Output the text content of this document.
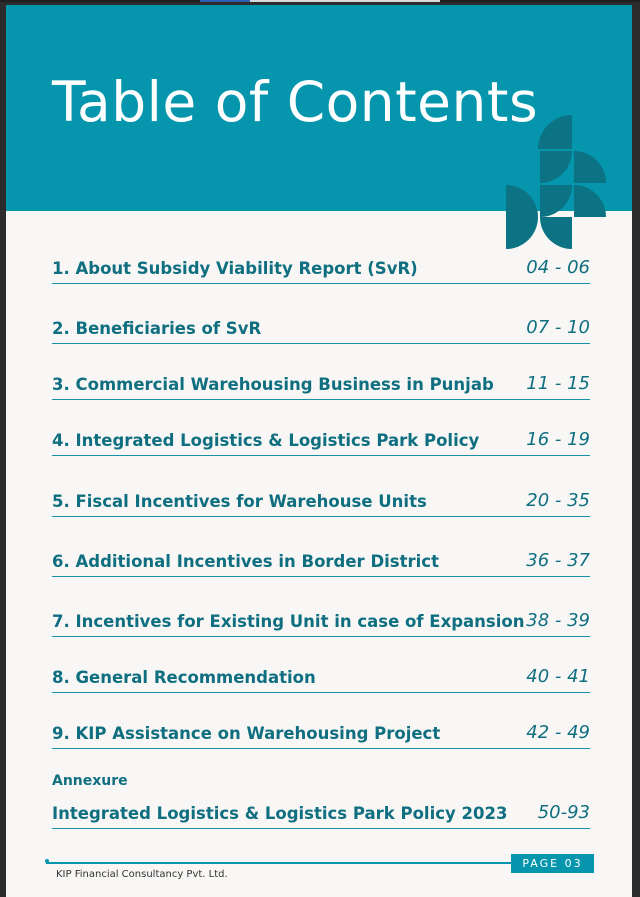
Table of Contents
1. About Subsidy Viability Report (SvR)	04 - 06
2. Beneficiaries of SvR	07 - 10
3. Commercial Warehousing Business in Punjab 11 - 15
4. Integrated Logistics & Logistics Park Policy	16 - 19
5. Fiscal Incentives for Warehouse Units	20 - 35
6. Additional Incentives in Border District	36 - 37
7. Incentives for Existing Unit in case of Expansion 38 - 39
8. General Recommendation	40 - 41
9. KIP Assistance on Warehousing Project	42 - 49
Annexure
Integrated Logistics & Logistics Park Policy 2023 50-93
PAGE 03
KIP Financial Consultancy Pvt. Ltd.
